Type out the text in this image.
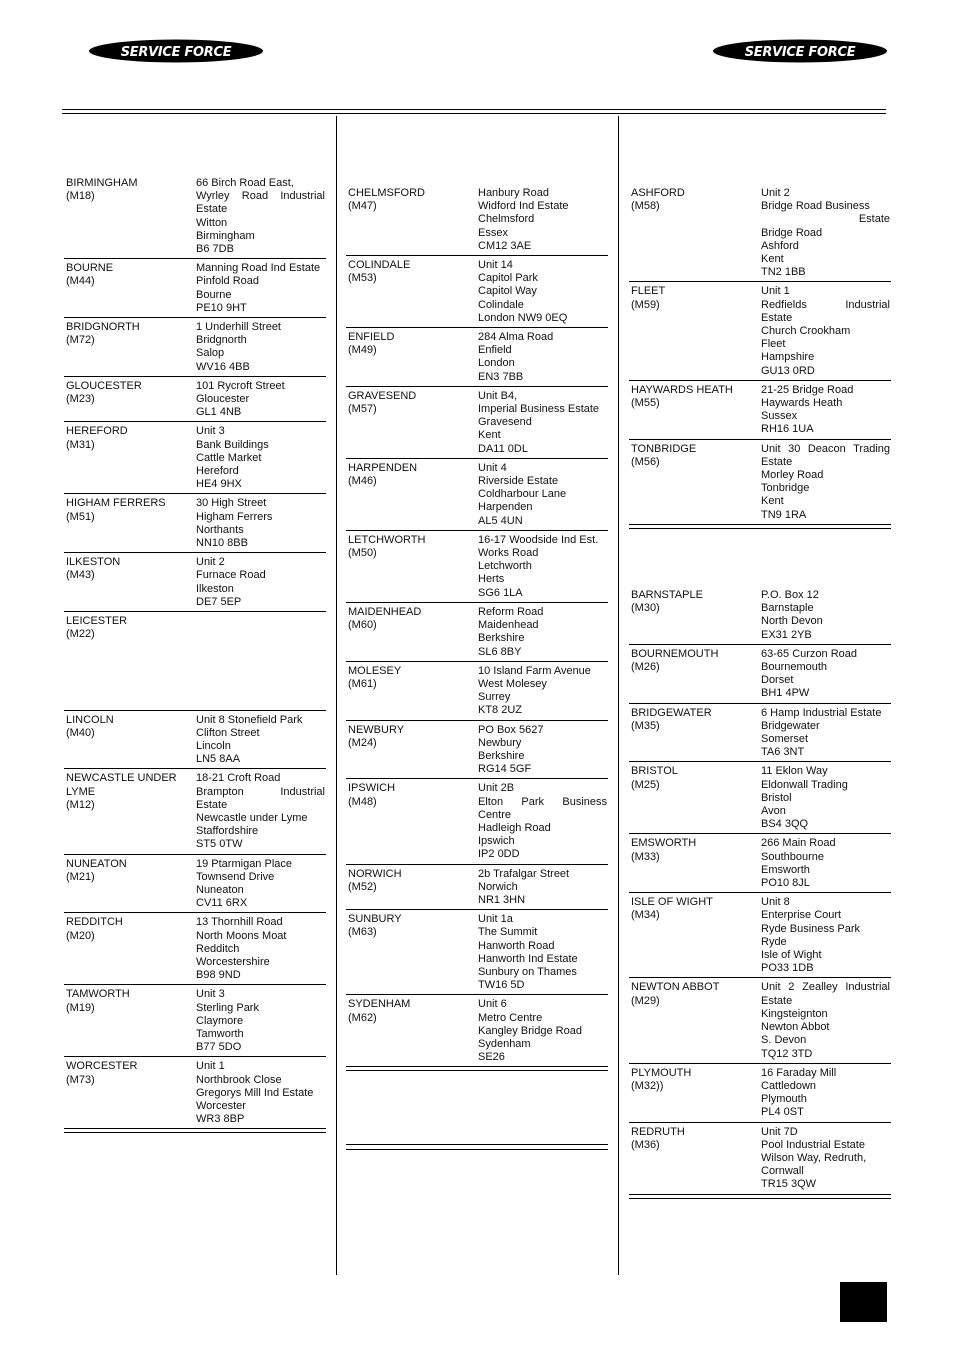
SERVICE FORCE	SERVICE FORCE
BIRMINGHAM
(M18)
66 Birch Road East,
Wyrley Road Industrial
Estate
Witton
Birmingham
B6 7DB
BOURNE
(M44)
Manning Road Ind Estate
Pinfold Road
Bourne
PE10 9HT
BRIDGNORTH
(M72)
1 Underhill Street
Bridgnorth
Salop
WV16 4BB
GLOUCESTER
(M23)
101 Rycroft Street
Gloucester
GL1 4NB
HEREFORD
(M31)
Unit 3
Bank Buildings
Cattle Market
Hereford
HE4 9HX
HIGHAM FERRERS
(M51)
30 High Street
Higham Ferrers
Northants
NN10 8BB
ILKESTON
(M43)
Unit 2
Furnace Road
Ilkeston
DE7 5EP
LEICESTER
(M22)

LINCOLN
(M40)
Unit 8 Stonefield Park
Clifton Street
Lincoln
LN5 8AA
NEWCASTLE UNDER
LYME
(M12)
18-21 Croft Road
Brampton Industrial
Estate
Newcastle under Lyme
Staffordshire
ST5 0TW
NUNEATON
(M21)
19 Ptarmigan Place
Townsend Drive
Nuneaton
CV11 6RX
REDDITCH
(M20)
13 Thornhill Road
North Moons Moat
Redditch
Worcestershire
B98 9ND
TAMWORTH
(M19)
Unit 3
Sterling Park
Claymore
Tamworth
B77 5DO
WORCESTER
(M73)
Unit 1
Northbrook Close
Gregorys Mill Ind Estate
Worcester
WR3 8BP
CHELMSFORD
(M47)
Hanbury Road
Widford Ind Estate
Chelmsford
Essex
CM12 3AE
COLINDALE
(M53)
Unit 14
Capitol Park
Capitol Way
Colindale
London NW9 0EQ
ENFIELD
(M49)
284 Alma Road
Enfield
London
EN3 7BB
GRAVESEND
(M57)
Unit B4,
Imperial Business Estate
Gravesend
Kent
DA11 0DL
HARPENDEN
(M46)
Unit 4
Riverside Estate
Coldharbour Lane
Harpenden
AL5 4UN
LETCHWORTH
(M50)
16-17 Woodside Ind Est.
Works Road
Letchworth
Herts
SG6 1LA
MAIDENHEAD
(M60)
Reform Road
Maidenhead
Berkshire
SL6 8BY
MOLESEY
(M61)
10 Island Farm Avenue
West Molesey
Surrey
KT8 2UZ
NEWBURY
(M24)
PO Box 5627
Newbury
Berkshire
RG14 5GF
IPSWICH
(M48)
Unit 2B
Elton Park Business
Centre
Hadleigh Road
Ipswich
IP2 0DD
NORWICH
(M52)
2b Trafalgar Street
Norwich
NR1 3HN
SUNBURY
(M63)
Unit 1a
The Summit
Hanworth Road
Hanworth Ind Estate
Sunbury on Thames
TW16 5D
SYDENHAM
(M62)
Unit 6
Metro Centre
Kangley Bridge Road
Sydenham
SE26
ASHFORD
(M58)
Unit 2
Bridge Road Business
Estate
Bridge Road
Ashford
Kent
TN2 1BB
FLEET
(M59)
Unit 1
Redfields Industrial
Estate
Church Crookham
Fleet
Hampshire
GU13 0RD
HAYWARDS HEATH
(M55)
21-25 Bridge Road
Haywards Heath
Sussex
RH16 1UA
TONBRIDGE
(M56)
Unit 30 Deacon Trading
Estate
Morley Road
Tonbridge
Kent
TN9 1RA
BARNSTAPLE
(M30)
P.O. Box 12
Barnstaple
North Devon
EX31 2YB
BOURNEMOUTH
(M26)
63-65 Curzon Road
Bournemouth
Dorset
BH1 4PW
BRIDGEWATER
(M35)
6 Hamp Industrial Estate
Bridgewater
Somerset
TA6 3NT
BRISTOL
(M25)
11 Eklon Way
Eldonwall Trading
Bristol
Avon
BS4 3QQ
EMSWORTH
(M33)
266 Main Road
Southbourne
Emsworth
PO10 8JL
ISLE OF WIGHT
(M34)
Unit 8
Enterprise Court
Ryde Business Park
Ryde
Isle of Wight
PO33 1DB
NEWTON ABBOT
(M29)
Unit 2 Zealley Industrial
Estate
Kingsteignton
Newton Abbot
S. Devon
TQ12 3TD
PLYMOUTH
(M32))
16 Faraday Mill
Cattledown
Plymouth
PL4 0ST
REDRUTH
(M36)
Unit 7D
Pool Industrial Estate
Wilson Way, Redruth,
Cornwall
TR15 3QW
